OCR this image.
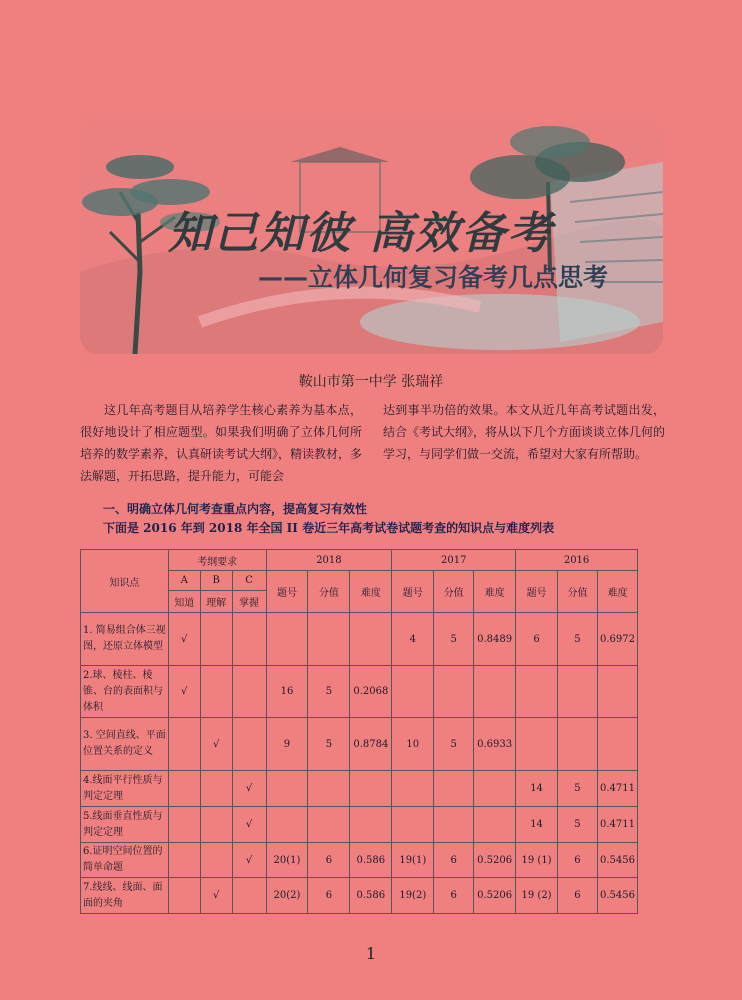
知己知彼 高效备考
——立体几何复习备考几点思考
鞍山市第一中学 张瑞祥
这几年高考题目从培养学生核心素养为基本点，很好地设计了相应题型。如果我们明确了立体几何所培养的数学素养，认真研读考试大纲》，精读教材，多法解题，开拓思路，提升能力，可能会
达到事半功倍的效果。本文从近几年高考试题出发，结合《考试大纲》，将从以下几个方面谈谈立体几何的学习，与同学们做一交流，希望对大家有所帮助。
一、明确立体几何考查重点内容，提高复习有效性
下面是 2016 年到 2018 年全国 II 卷近三年高考试卷试题考查的知识点与难度列表
知识点	考纲要求			2018			2017			2016		
	A	B	C	题号	分值	难度	题号	分值	难度	题号	分值	难度
	知道	理解	掌握									
1. 简易组合体三视图，还原立体模型	√						4	5	0.8489	6	5	0.6972
2.球、棱柱、棱锥、台的表面积与体积	√			16	5	0.2068						
3. 空间直线、平面位置关系的定义		√		9	5	0.8784	10	5	0.6933			
4.线面平行性质与判定定理			√							14	5	0.4711
5.线面垂直性质与判定定理			√							14	5	0.4711
6.证明空间位置的简单命题			√	20(1)	6	0.586	19(1)	6	0.5206	19 (1)	6	0.5456
7.线线、线面、面面的夹角		√		20(2)	6	0.586	19(2)	6	0.5206	19 (2)	6	0.5456
1
